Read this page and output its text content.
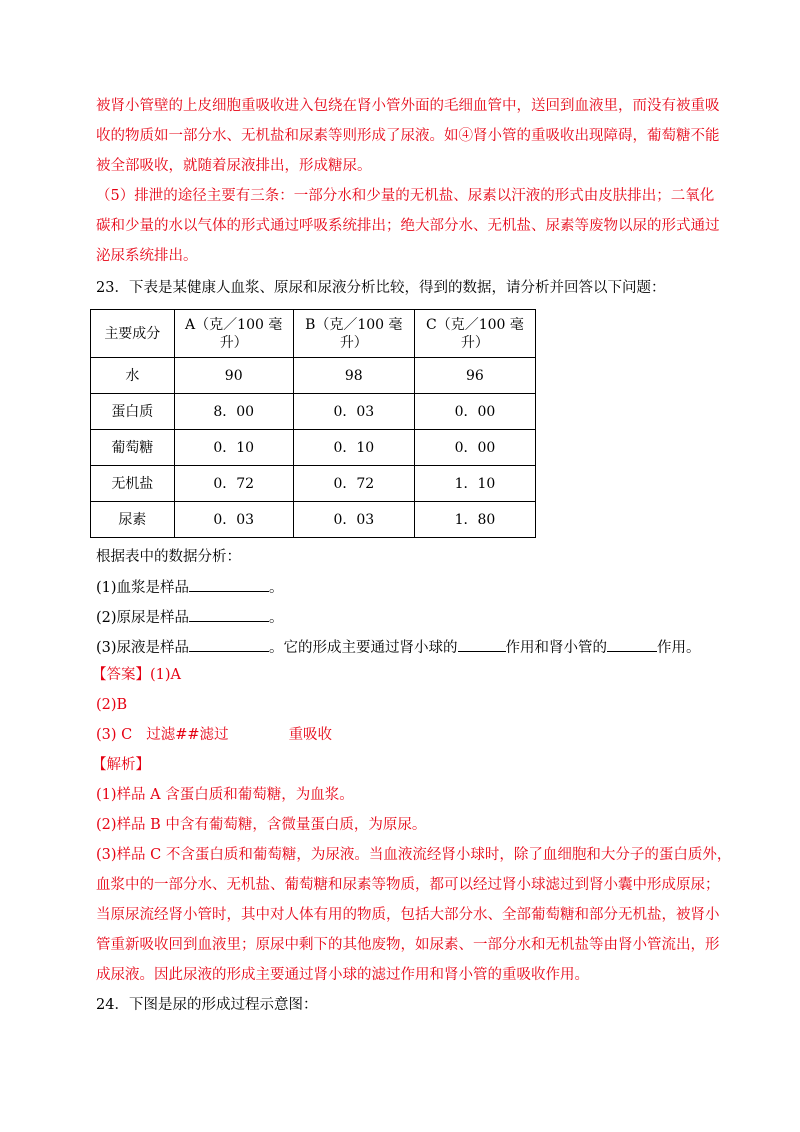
被肾小管壁的上皮细胞重吸收进入包绕在肾小管外面的毛细血管中，送回到血液里，而没有被重吸
收的物质如一部分水、无机盐和尿素等则形成了尿液。如④肾小管的重吸收出现障碍，葡萄糖不能
被全部吸收，就随着尿液排出，形成糖尿。
（5）排泄的途径主要有三条：一部分水和少量的无机盐、尿素以汗液的形式由皮肤排出；二氧化
碳和少量的水以气体的形式通过呼吸系统排出；绝大部分水、无机盐、尿素等废物以尿的形式通过
泌尿系统排出。
23．下表是某健康人血浆、原尿和尿液分析比较，得到的数据，请分析并回答以下问题：
主要成分	A（克／100 毫
升）	B（克／100 毫
升）	C（克／100 毫
升）
水	90	98	96
蛋白质	8．00	0．03	0．00
葡萄糖	0．10	0．10	0．00
无机盐	0．72	0．72	1．10
尿素	0．03	0．03	1．80
根据表中的数据分析：
(1)血浆是样品	。
(2)原尿是样品	。
(3)尿液是样品	。它的形成主要通过肾小球的	作用和肾小管的	作用。
【答案】(1)A
(2)B
(3) C 过滤##滤过	重吸收
【解析】
(1)样品 A 含蛋白质和葡萄糖，为血浆。
(2)样品 B 中含有葡萄糖，含微量蛋白质，为原尿。
(3)样品 C 不含蛋白质和葡萄糖，为尿液。当血液流经肾小球时，除了血细胞和大分子的蛋白质外，
血浆中的一部分水、无机盐、葡萄糖和尿素等物质，都可以经过肾小球滤过到肾小囊中形成原尿；
当原尿流经肾小管时，其中对人体有用的物质，包括大部分水、全部葡萄糖和部分无机盐，被肾小
管重新吸收回到血液里；原尿中剩下的其他废物，如尿素、一部分水和无机盐等由肾小管流出，形
成尿液。因此尿液的形成主要通过肾小球的滤过作用和肾小管的重吸收作用。
24．下图是尿的形成过程示意图：
